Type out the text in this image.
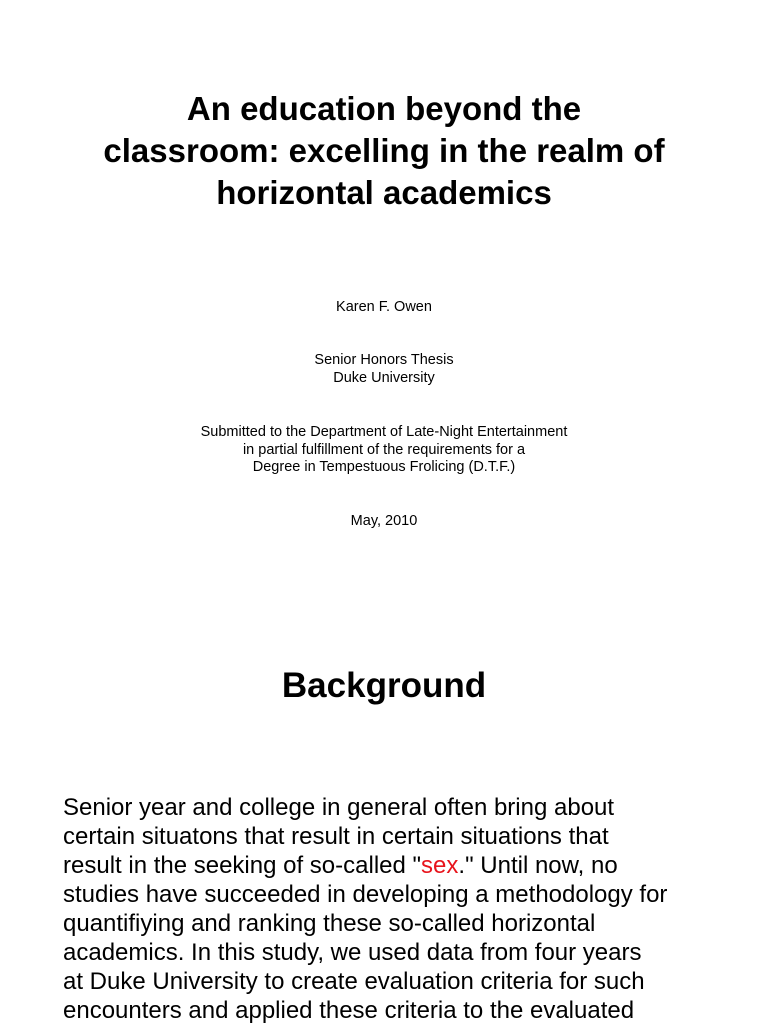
An education beyond the
classroom: excelling in the realm of
horizontal academics

Karen F. Owen

Senior Honors Thesis
Duke University

Submitted to the Department of Late-Night Entertainment
in partial fulfillment of the requirements for a
Degree in Tempestuous Frolicing (D.T.F.)

May, 2010

Background

Senior year and college in general often bring about
certain situatons that result in certain situations that
result in the seeking of so-called "sex." Until now, no
studies have succeeded in developing a methodology for
quantifiying and ranking these so-called horizontal
academics. In this study, we used data from four years
at Duke University to create evaluation criteria for such
encounters and applied these criteria to the evaluated
